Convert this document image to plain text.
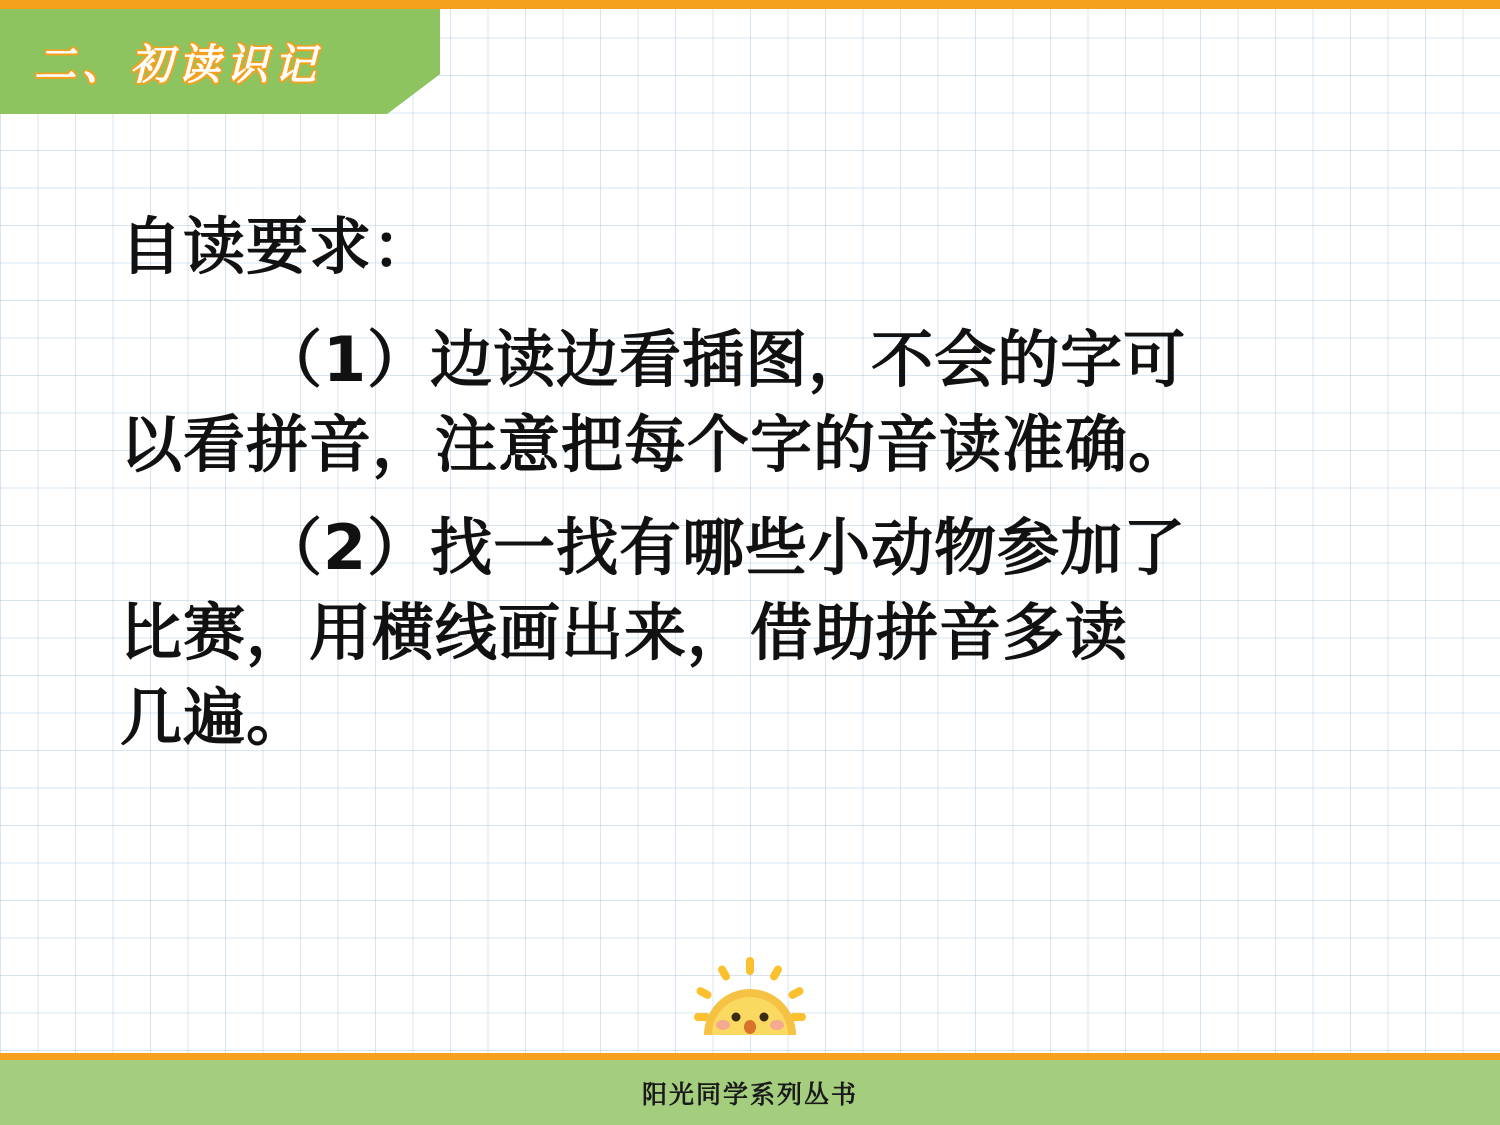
二、初读识记
自读要求：
（1）边读边看插图，不会的字可
以看拼音，注意把每个字的音读准确。
（2）找一找有哪些小动物参加了
比赛，用横线画出来，借助拼音多读
几遍。
阳光同学系列丛书
